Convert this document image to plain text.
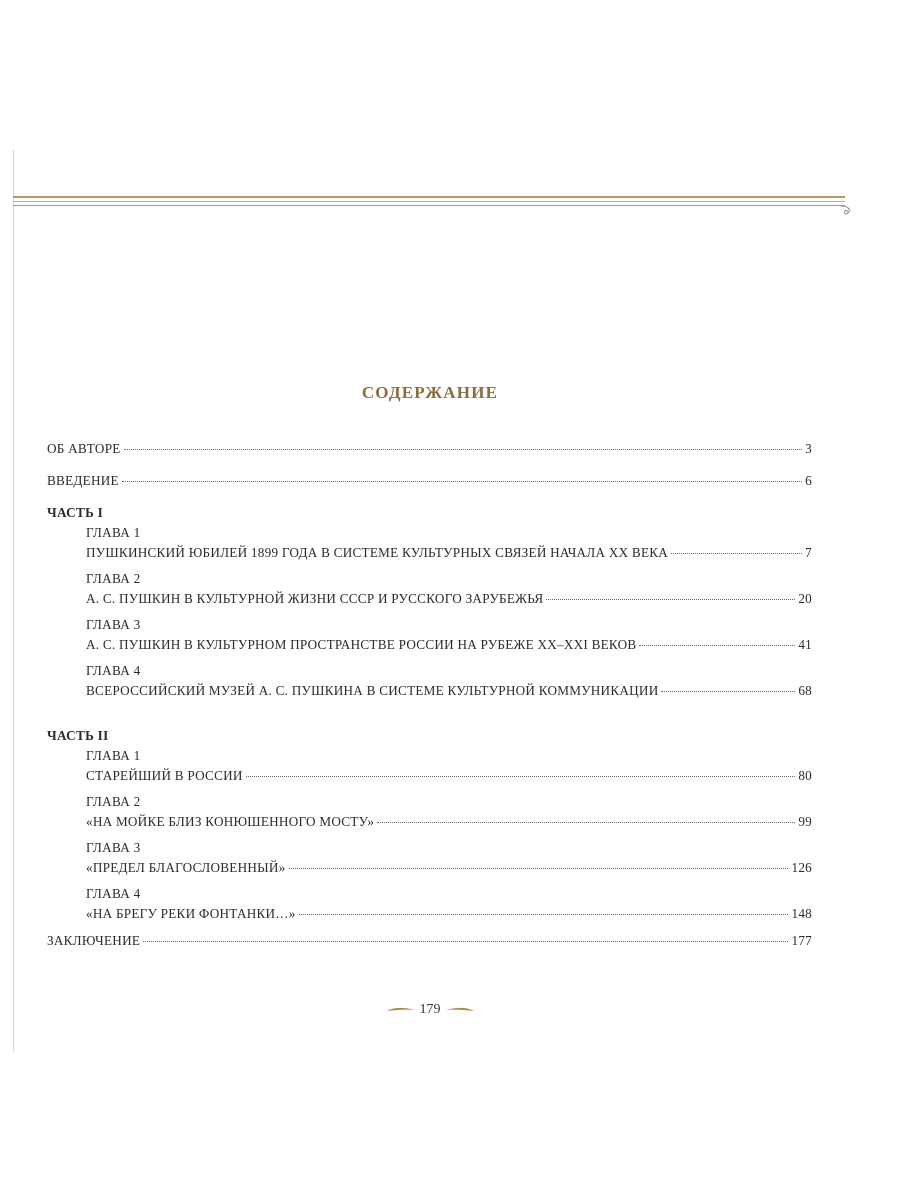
СОДЕРЖАНИЕ
ОБ АВТОРЕ	3
ВВЕДЕНИЕ	6
ЧАСТЬ I
ГЛАВА 1
ПУШКИНСКИЙ ЮБИЛЕЙ 1899 ГОДА В СИСТЕМЕ КУЛЬТУРНЫХ СВЯЗЕЙ НАЧАЛА XX ВЕКА	7
ГЛАВА 2
А. С. ПУШКИН В КУЛЬТУРНОЙ ЖИЗНИ СССР И РУССКОГО ЗАРУБЕЖЬЯ	20
ГЛАВА 3
А. С. ПУШКИН В КУЛЬТУРНОМ ПРОСТРАНСТВЕ РОССИИ НА РУБЕЖЕ XX–XXI ВЕКОВ	41
ГЛАВА 4
ВСЕРОССИЙСКИЙ МУЗЕЙ А. С. ПУШКИНА В СИСТЕМЕ КУЛЬТУРНОЙ КОММУНИКАЦИИ	68
ЧАСТЬ II
ГЛАВА 1
СТАРЕЙШИЙ В РОССИИ	80
ГЛАВА 2
«НА МОЙКЕ БЛИЗ КОНЮШЕННОГО МОСТУ»	99
ГЛАВА 3
«ПРЕДЕЛ БЛАГОСЛОВЕННЫЙ»	126
ГЛАВА 4
«НА БРЕГУ РЕКИ ФОНТАНКИ…»	148
ЗАКЛЮЧЕНИЕ	177
179
